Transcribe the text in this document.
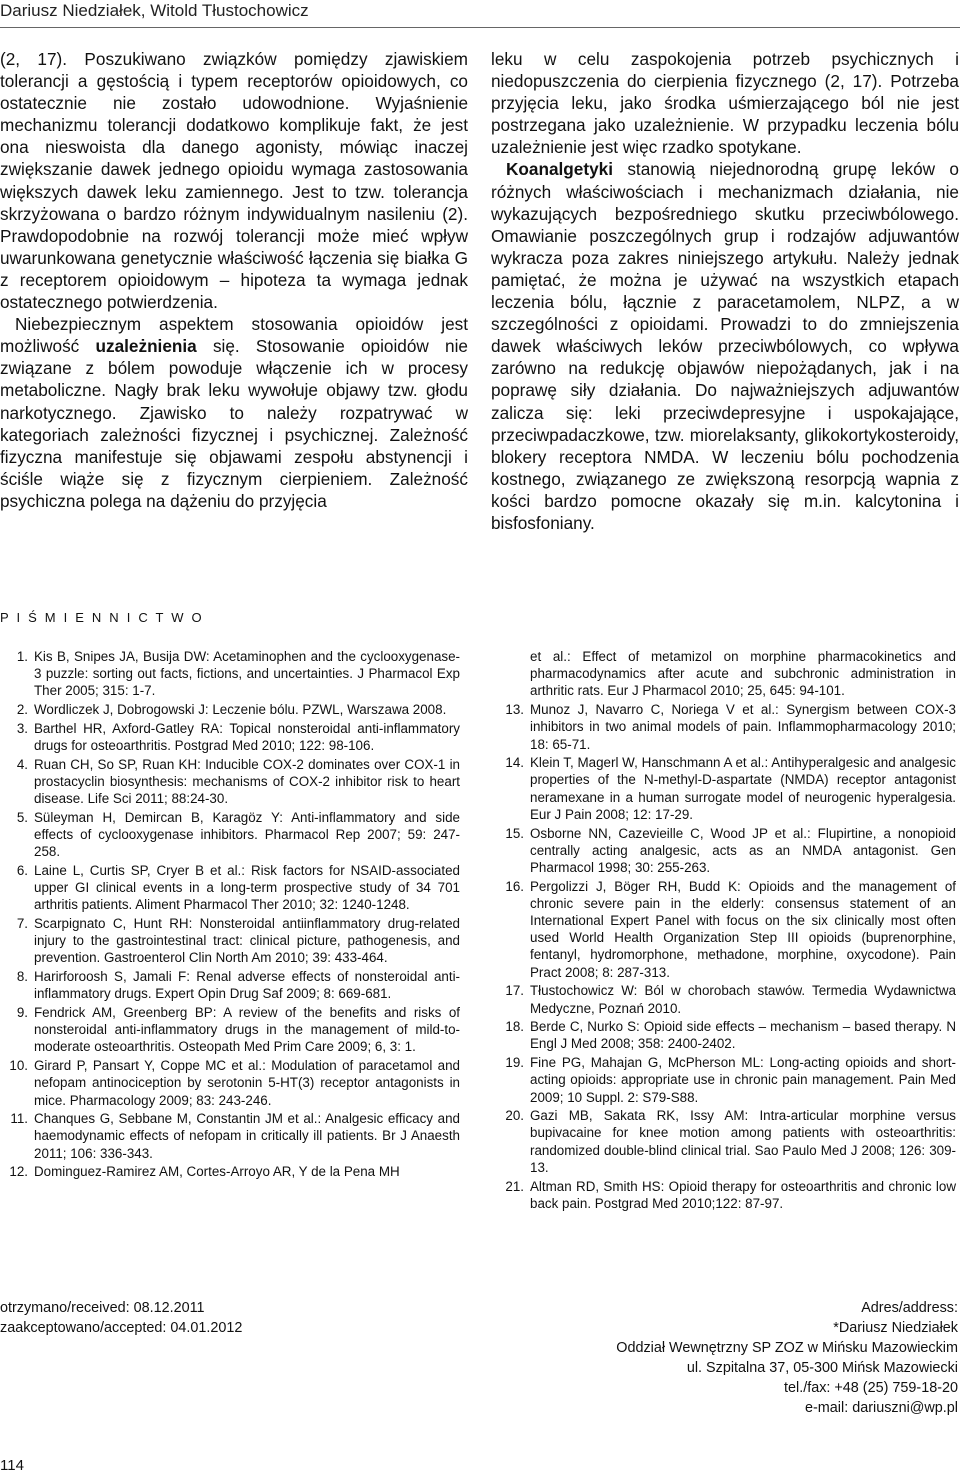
Dariusz Niedziałek, Witold Tłustochowicz

(2, 17). Poszukiwano związków pomiędzy zjawiskiem tolerancji a gęstością i typem receptorów opioidowych, co ostatecznie nie zostało udowodnione. Wyjaśnienie mechanizmu tolerancji dodatkowo komplikuje fakt, że jest ona nieswoista dla danego agonisty, mówiąc inaczej zwiększanie dawek jednego opioidu wymaga zastosowania większych dawek leku zamiennego. Jest to tzw. tolerancja skrzyżowana o bardzo różnym indywidualnym nasileniu (2). Prawdopodobnie na rozwój tolerancji może mieć wpływ uwarunkowana genetycznie właściwość łączenia się białka G z receptorem opioidowym – hipoteza ta wymaga jednak ostatecznego potwierdzenia.

Niebezpiecznym aspektem stosowania opioidów jest możliwość uzależnienia się. Stosowanie opioidów nie związane z bólem powoduje włączenie ich w procesy metaboliczne. Nagły brak leku wywołuje objawy tzw. głodu narkotycznego. Zjawisko to należy rozpatrywać w kategoriach zależności fizycznej i psychicznej. Zależność fizyczna manifestuje się objawami zespołu abstynencji i ściśle wiąże się z fizycznym cierpieniem. Zależność psychiczna polega na dążeniu do przyjęcia

leku w celu zaspokojenia potrzeb psychicznych i niedopuszczenia do cierpienia fizycznego (2, 17). Potrzeba przyjęcia leku, jako środka uśmierzającego ból nie jest postrzegana jako uzależnienie. W przypadku leczenia bólu uzależnienie jest więc rzadko spotykane.

Koanalgetyki stanowią niejednorodną grupę leków o różnych właściwościach i mechanizmach działania, nie wykazujących bezpośredniego skutku przeciwbólowego. Omawianie poszczególnych grup i rodzajów adjuwantów wykracza poza zakres niniejszego artykułu. Należy jednak pamiętać, że można je używać na wszystkich etapach leczenia bólu, łącznie z paracetamolem, NLPZ, a w szczególności z opioidami. Prowadzi to do zmniejszenia dawek właściwych leków przeciwbólowych, co wpływa zarówno na redukcję objawów niepożądanych, jak i na poprawę siły działania. Do najważniejszych adjuwantów zalicza się: leki przeciwdepresyjne i uspokajające, przeciwpadaczkowe, tzw. miorelaksanty, glikokortykosteroidy, blokery receptora NMDA. W leczeniu bólu pochodzenia kostnego, związanego ze zwiększoną resorpcją wapnia z kości bardzo pomocne okazały się m.in. kalcytonina i bisfosfoniany.

P I Ś M I E N N I C T W O
1. Kis B, Snipes JA, Busija DW: Acetaminophen and the cyclooxygenase-3 puzzle: sorting out facts, fictions, and uncertainties. J Pharmacol Exp Ther 2005; 315: 1-7.
2. Wordliczek J, Dobrogowski J: Leczenie bólu. PZWL, Warszawa 2008.
3. Barthel HR, Axford-Gatley RA: Topical nonsteroidal anti-inflammatory drugs for osteoarthritis. Postgrad Med 2010; 122: 98-106.
4. Ruan CH, So SP, Ruan KH: Inducible COX-2 dominates over COX-1 in prostacyclin biosynthesis: mechanisms of COX-2 inhibitor risk to heart disease. Life Sci 2011; 88:24-30.
5. Süleyman H, Demircan B, Karagöz Y: Anti-inflammatory and side effects of cyclooxygenase inhibitors. Pharmacol Rep 2007; 59: 247-258.
6. Laine L, Curtis SP, Cryer B et al.: Risk factors for NSAID-associated upper GI clinical events in a long-term prospective study of 34 701 arthritis patients. Aliment Pharmacol Ther 2010; 32: 1240-1248.
7. Scarpignato C, Hunt RH: Nonsteroidal antiinflammatory drug-related injury to the gastrointestinal tract: clinical picture, pathogenesis, and prevention. Gastroenterol Clin North Am 2010; 39: 433-464.
8. Harirforoosh S, Jamali F: Renal adverse effects of nonsteroidal anti-inflammatory drugs. Expert Opin Drug Saf 2009; 8: 669-681.
9. Fendrick AM, Greenberg BP: A review of the benefits and risks of nonsteroidal anti-inflammatory drugs in the management of mild-to-moderate osteoarthritis. Osteopath Med Prim Care 2009; 6, 3: 1.
10. Girard P, Pansart Y, Coppe MC et al.: Modulation of paracetamol and nefopam antinociception by serotonin 5-HT(3) receptor antagonists in mice. Pharmacology 2009; 83: 243-246.
11. Chanques G, Sebbane M, Constantin JM et al.: Analgesic efficacy and haemodynamic effects of nefopam in critically ill patients. Br J Anaesth 2011; 106: 336-343.
12. Dominguez-Ramirez AM, Cortes-Arroyo AR, Y de la Pena MH
et al.: Effect of metamizol on morphine pharmacokinetics and pharmacodynamics after acute and subchronic administration in arthritic rats. Eur J Pharmacol 2010; 25, 645: 94-101.
13. Munoz J, Navarro C, Noriega V et al.: Synergism between COX-3 inhibitors in two animal models of pain. Inflammopharmacology 2010; 18: 65-71.
14. Klein T, Magerl W, Hanschmann A et al.: Antihyperalgesic and analgesic properties of the N-methyl-D-aspartate (NMDA) receptor antagonist neramexane in a human surrogate model of neurogenic hyperalgesia. Eur J Pain 2008; 12: 17-29.
15. Osborne NN, Cazevieille C, Wood JP et al.: Flupirtine, a nonopioid centrally acting analgesic, acts as an NMDA antagonist. Gen Pharmacol 1998; 30: 255-263.
16. Pergolizzi J, Böger RH, Budd K: Opioids and the management of chronic severe pain in the elderly: consensus statement of an International Expert Panel with focus on the six clinically most often used World Health Organization Step III opioids (buprenorphine, fentanyl, hydromorphone, methadone, morphine, oxycodone). Pain Pract 2008; 8: 287-313.
17. Tłustochowicz W: Ból w chorobach stawów. Termedia Wydawnictwa Medyczne, Poznań 2010.
18. Berde C, Nurko S: Opioid side effects – mechanism – based therapy. N Engl J Med 2008; 358: 2400-2402.
19. Fine PG, Mahajan G, McPherson ML: Long-acting opioids and short-acting opioids: appropriate use in chronic pain management. Pain Med 2009; 10 Suppl. 2: S79-S88.
20. Gazi MB, Sakata RK, Issy AM: Intra-articular morphine versus bupivacaine for knee motion among patients with osteoarthritis: randomized double-blind clinical trial. Sao Paulo Med J 2008; 126: 309-13.
21. Altman RD, Smith HS: Opioid therapy for osteoarthritis and chronic low back pain. Postgrad Med 2010;122: 87-97.
otrzymano/received: 08.12.2011
zaakceptowano/accepted: 04.01.2012
Adres/address:
*Dariusz Niedziałek
Oddział Wewnętrzny SP ZOZ w Mińsku Mazowieckim
ul. Szpitalna 37, 05-300 Mińsk Mazowiecki
tel./fax: +48 (25) 759-18-20
e-mail: dariuszni@wp.pl
114
